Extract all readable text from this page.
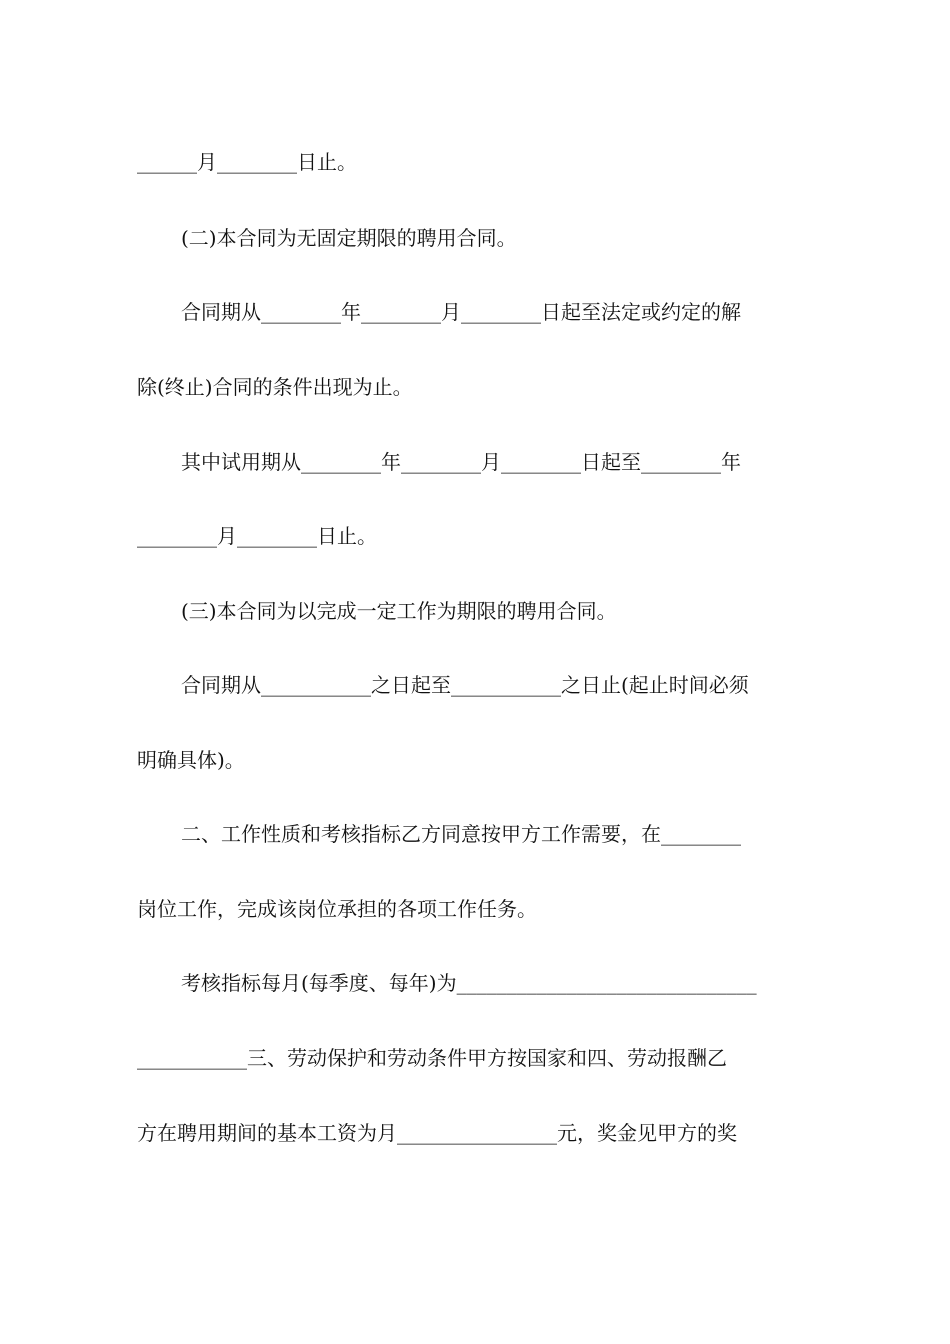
______月________日止。
(二)本合同为无固定期限的聘用合同。
合同期从________年________月________日起至法定或约定的解
除(终止)合同的条件出现为止。
其中试用期从________年________月________日起至________年
________月________日止。
(三)本合同为以完成一定工作为期限的聘用合同。
合同期从___________之日起至___________之日止(起止时间必须
明确具体)。
二、工作性质和考核指标乙方同意按甲方工作需要，在________
岗位工作，完成该岗位承担的各项工作任务。
考核指标每月(每季度、每年)为______________________________
___________三、劳动保护和劳动条件甲方按国家和四、劳动报酬乙
方在聘用期间的基本工资为月________________元，奖金见甲方的奖
